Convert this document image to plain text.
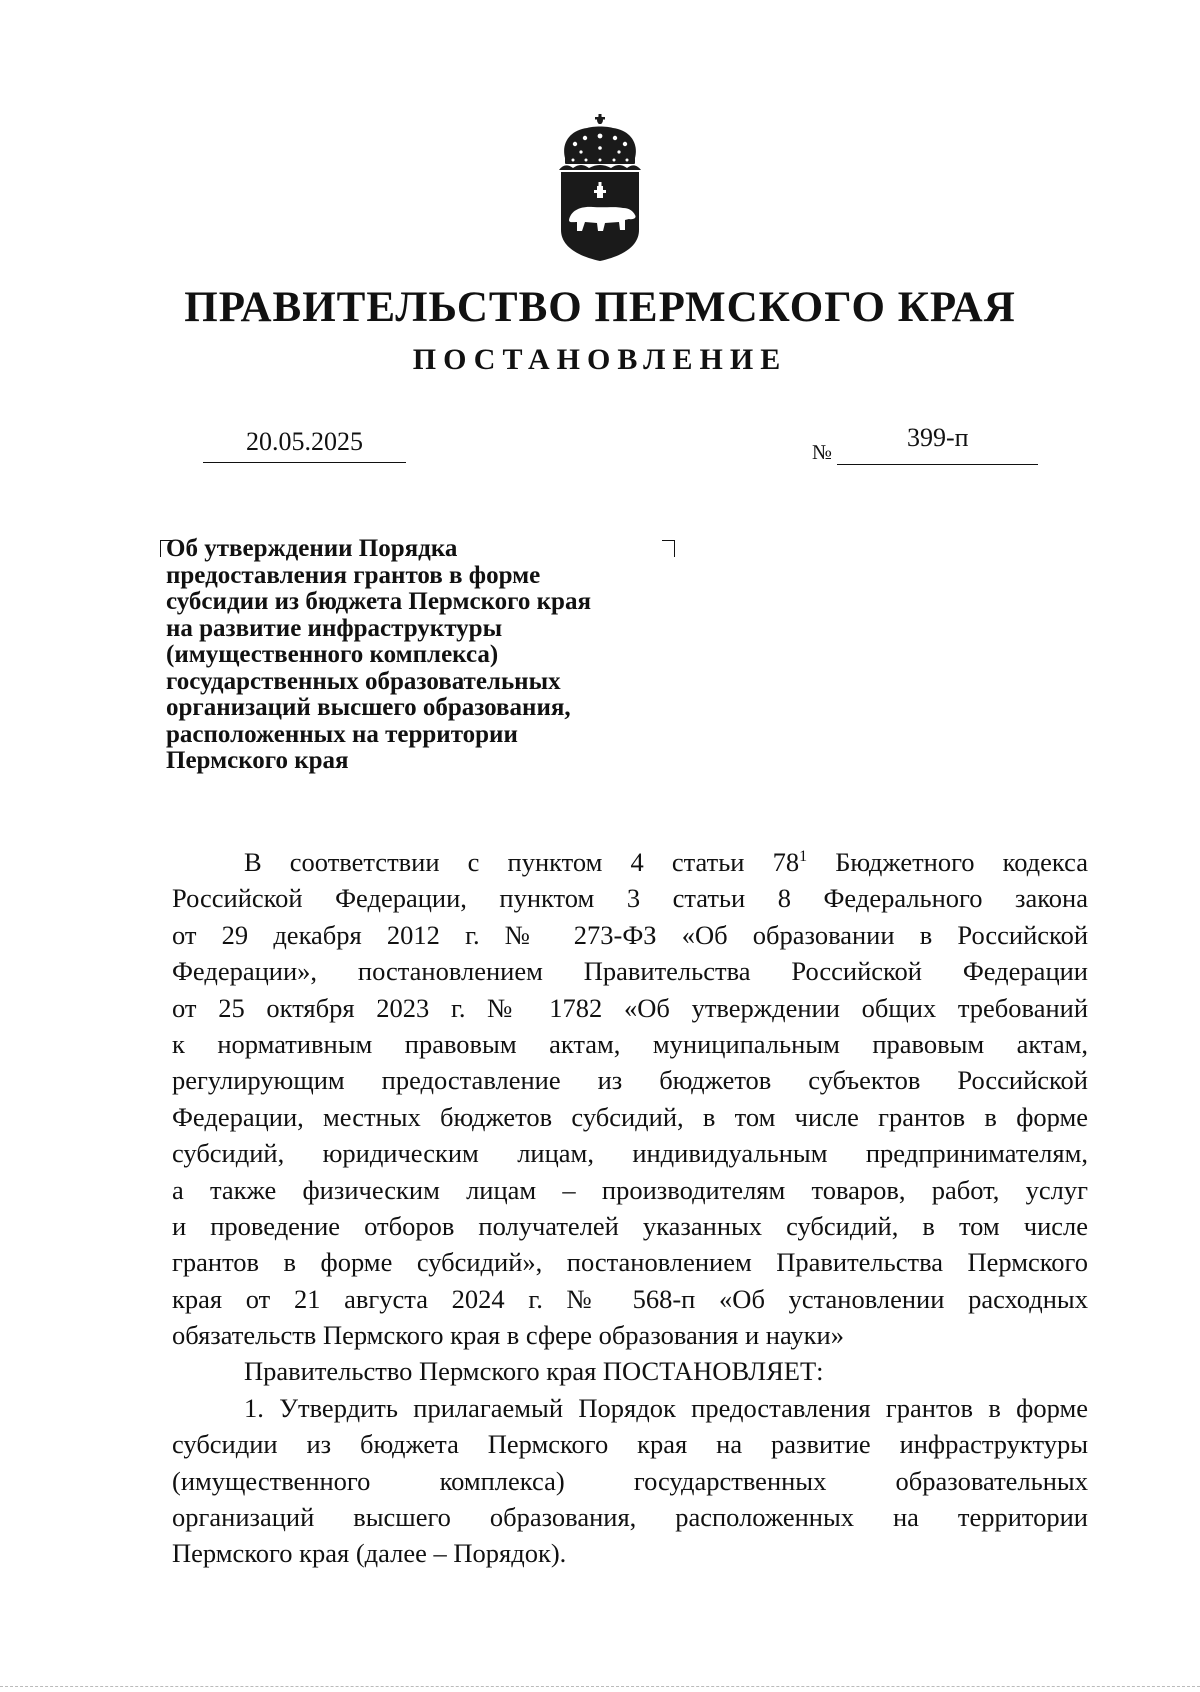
ПРАВИТЕЛЬСТВО ПЕРМСКОГО КРАЯ
ПОСТАНОВЛЕНИЕ
20.05.2025	№	399-п
Об утверждении Порядка
предоставления грантов в форме
субсидии из бюджета Пермского края
на развитие инфраструктуры
(имущественного комплекса)
государственных образовательных
организаций высшего образования,
расположенных на территории
Пермского края

В соответствии с пунктом 4 статьи $78^1$ Бюджетного кодекса
Российской Федерации, пунктом 3 статьи 8 Федерального закона
от 29 декабря 2012 г. № 273-ФЗ «Об образовании в Российской
Федерации», постановлением Правительства Российской Федерации
от 25 октября 2023 г. № 1782 «Об утверждении общих требований
к нормативным правовым актам, муниципальным правовым актам,
регулирующим предоставление из бюджетов субъектов Российской
Федерации, местных бюджетов субсидий, в том числе грантов в форме
субсидий, юридическим лицам, индивидуальным предпринимателям,
а также физическим лицам – производителям товаров, работ, услуг
и проведение отборов получателей указанных субсидий, в том числе
грантов в форме субсидий», постановлением Правительства Пермского
края от 21 августа 2024 г. № 568-п «Об установлении расходных
обязательств Пермского края в сфере образования и науки»

Правительство Пермского края ПОСТАНОВЛЯЕТ:

1. Утвердить прилагаемый Порядок предоставления грантов в форме
субсидии из бюджета Пермского края на развитие инфраструктуры
(имущественного комплекса) государственных образовательных
организаций высшего образования, расположенных на территории
Пермского края (далее – Порядок).
